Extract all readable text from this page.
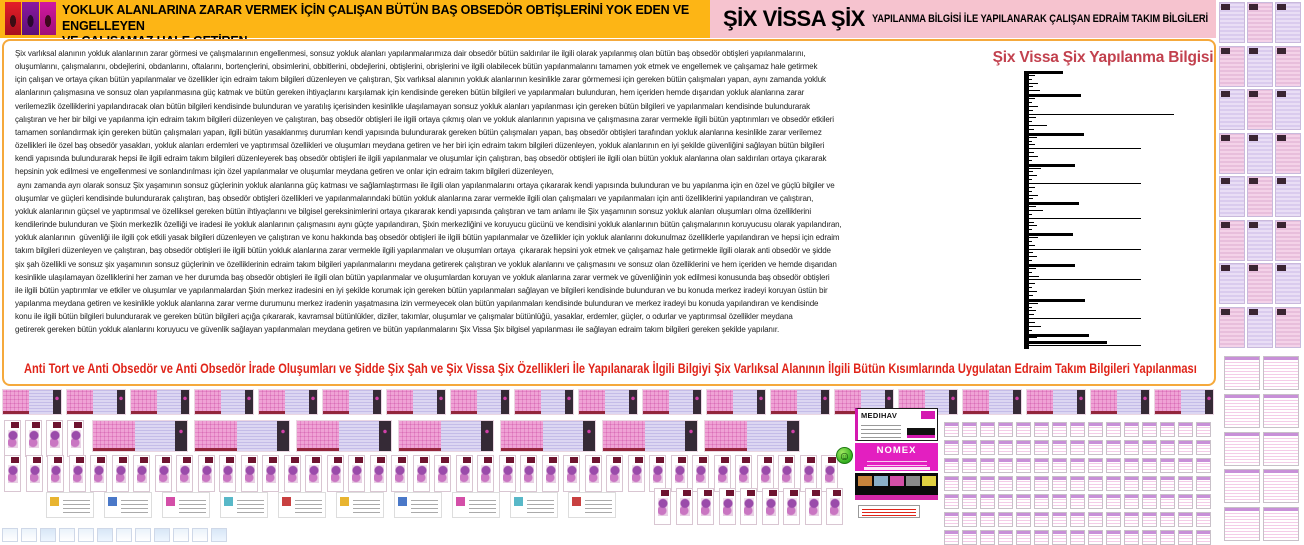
YOKLUK ALANLARINA ZARAR VERMEK İÇİN ÇALIŞAN BÜTÜN BAŞ OBSEDÖR OBTİŞLERİNİ YOK EDEN VE ENGELLEYEN	ŞİX VİSSA ŞİX YAPILANMA BİLGİSİ İLE YAPILANARAK ÇALIŞAN EDRAİM TAKIM BİLGİLERİ
Şix varlıksal alanının yokluk alanlarının zarar görmesi ve çalışmalarının engellenmesi, sonsuz yokluk alanları yapılanmalarımıza dair obsedör bütün saldırılar ile ilgili olarak yapılanmış olan bütün baş obsedör obtişleri yapılanmalarını,
oluşumlarını, çalışmalarını, obdejlerini, obdanlarını, oftalarını, bortençlerini, obsimlerini, obbitlerini, obdejlerini, obtişlerini, obrişlerini ve ilgili olabilecek bütün yapılanmalarını tamamen yok etmek ve engellemek ve çalışamaz hale getirmek
için çalışan ve ortaya çıkan bütün yapılanmalar ve özellikler için edraim takım bilgileri düzenleyen ve çalıştıran, Şix varlıksal alanının yokluk alanlarının kesinlikle zarar görmemesi için gereken bütün çalışmaları yapan, aynı zamanda yokluk
alanlarının çalışmasına ve sonsuz olan yapılanmasına güç katmak ve bütün gereken ihtiyaçlarını karşılamak için kendisinde gereken bütün bilgileri ve yapılanmaları bulunduran, hem içeriden hemde dışarıdan yokluk alanlarına zarar
verilemezlik özelliklerini yapılandıracak olan bütün bilgileri kendisinde bulunduran ve yaratılış içerisinden kesinlikle ulaşılamayan sonsuz yokluk alanları yapılanması için gereken bütün bilgileri ve yapılanmaları kendisinde bulundurarak
çalıştıran ve her bir bilgi ve yapılanma için edraim takım bilgileri düzenleyen ve çalıştıran, baş obsedör obtişleri ile ilgili ortaya çıkmış olan ve yokluk alanlarının yapısına ve çalışmasına zarar vermekle ilgili bütün yaptırımları ve obsedör etkileri
tamamen sonlandırmak için gereken bütün çalışmaları yapan, ilgili bütün yasaklanmış durumları kendi yapısında bulundurarak gereken bütün çalışmaları yapan, baş obsedör obtişleri tarafından yokluk alanlarına kesinlikle zarar verilemez
özellikleri ile özel baş obsedör yasakları, yokluk alanları erdemleri ve yaptırımsal özellikleri ve oluşumları meydana getiren ve her biri için edraim takım bilgileri düzenleyen, yokluk alanlarının en iyi şekilde güvenliğini sağlayan bütün bilgileri
kendi yapısında bulundurarak hepsi ile ilgili edraim takım bilgileri düzenleyerek baş obsedör obtişleri ile ilgili yapılanmalar ve oluşumlar için çalıştıran, baş obsedör obtişleri ile ilgili olan bütün yokluk alanlarına olan saldırıları ortaya çıkararak
hepsinin yok edilmesi ve engellenmesi ve sonlandırılması için özel yapılanmalar ve oluşumlar meydana getiren ve onlar için edraim takım bilgileri düzenleyen,
aynı zamanda ayrı olarak sonsuz Şix yaşamının sonsuz güçlerinin yokluk alanlarına güç katması ve sağlamlaştırması ile ilgili olan yapılanmalarını ortaya çıkararak kendi yapısında bulunduran ve bu yapılanma için en özel ve güçlü bilgiler ve
oluşumlar ve güçleri kendisinde bulundurarak çalıştıran, baş obsedör obtişleri özellikleri ve yapılanmalarındaki bütün yokluk alanlarına zarar vermekle ilgili olan çalışmaları ve yapılanmaları için anti özelliklerini yapılandıran ve çalıştıran,
yokluk alanlarının güçsel ve yaptırımsal ve özelliksel gereken bütün ihtiyaçlarını ve bilgisel gereksinimlerini ortaya çıkararak kendi yapısında çalıştıran ve tam anlamı ile Şix yaşamının sonsuz yokluk alanları oluşumları olma özelliklerini
kendilerinde bulunduran ve Şixin merkezlik özelliği ve iradesi ile yokluk alanlarının çalışmasını aynı güçte yapılandıran, Şixin merkezliğini ve koruyucu gücünü ve kendisini yokluk alanlarının bütün çalışmalarının koruyucusu olarak yapılandıran,
yokluk alanlarının  güvenliği ile ilgili çok etkili yasak bilgileri düzenleyen ve çalıştıran ve konu hakkında baş obsedör obtişleri ile ilgili bütün yapılanmalar ve özellikler için yokluk alanlarını dokunulmaz özelliklerle yapılandıran ve hepsi için edraim
takım bilgileri düzenleyen ve çalıştıran, baş obsedör obtişleri ile ilgili bütün yokluk alanlarına zarar vermekle ilgili yapılanmaları ve oluşumları ortaya  çıkararak hepsini yok etmek ve çalışamaz hale getirmekle ilgili olarak anti obsedör ve şidde
şix şah özellikli ve sonsuz şix yaşamının sonsuz güçlerinin ve özelliklerinin edraim takım bilgileri yapılanmalarını meydana getirerek çalıştıran ve yokluk alanlarını ve çalışmasını ve sonsuz olan özelliklerini ve hem içeriden ve hemde dışarıdan
kesinlikle ulaşılamayan özelliklerini her zaman ve her durumda baş obsedör obtişleri ile ilgili olan bütün yapılanmalar ve oluşumlardan koruyan ve yokluk alanlarına zarar vermek ve güvenliğinin yok edilmesi konusunda baş obsedör obtişleri
ile ilgili bütün yaptırımlar ve etkiler ve oluşumlar ve yapılanmalardan Şixin merkez iradesini en iyi şekilde korumak için gereken bütün yapılanmaları sağlayan ve bilgileri kendisinde bulunduran ve bu konuda merkez iradeyi koruyan üstün bir
yapılanma meydana getiren ve kesinlikle yokluk alanlarına zarar verme durumunu merkez iradenin yaşatmasına izin vermeyecek olan bütün yapılanmaları kendisinde bulunduran ve merkez iradeyi bu konuda yapılandıran ve kendisinde
konu ile ilgili bütün bilgileri bulundurarak ve gereken bütün bilgileri açığa çıkararak, kavramsal bütünlükler, diziler, takımlar, oluşumlar ve çalışmalar bütünlüğü, yasaklar, erdemler, güçler, o odurlar ve yaptırımsal özellikler meydana
getirerek gereken bütün yokluk alanlarını koruyucu ve güvenlik sağlayan yapılanmaları meydana getiren ve bütün yapılanmalarını Şix Vissa Şix bilgisel yapılanması ile sağlayan edraim takım bilgileri gereken şekilde yapılanır.
Şix Vissa Şix Yapılanma Bilgisi
Anti Tort ve Anti Obsedör ve Anti Obsedör İrade Oluşumları ve Şidde Şix Şah ve Şix Vissa Şix Özellikleri İle Yapılanarak İlgili Bilgiyi Şix Varlıksal Alanının İlgili Bütün Kısımlarında Uygulatan Edraim Takım Bilgileri Yapılanması
MEDIHAV
NOMEX
☺
